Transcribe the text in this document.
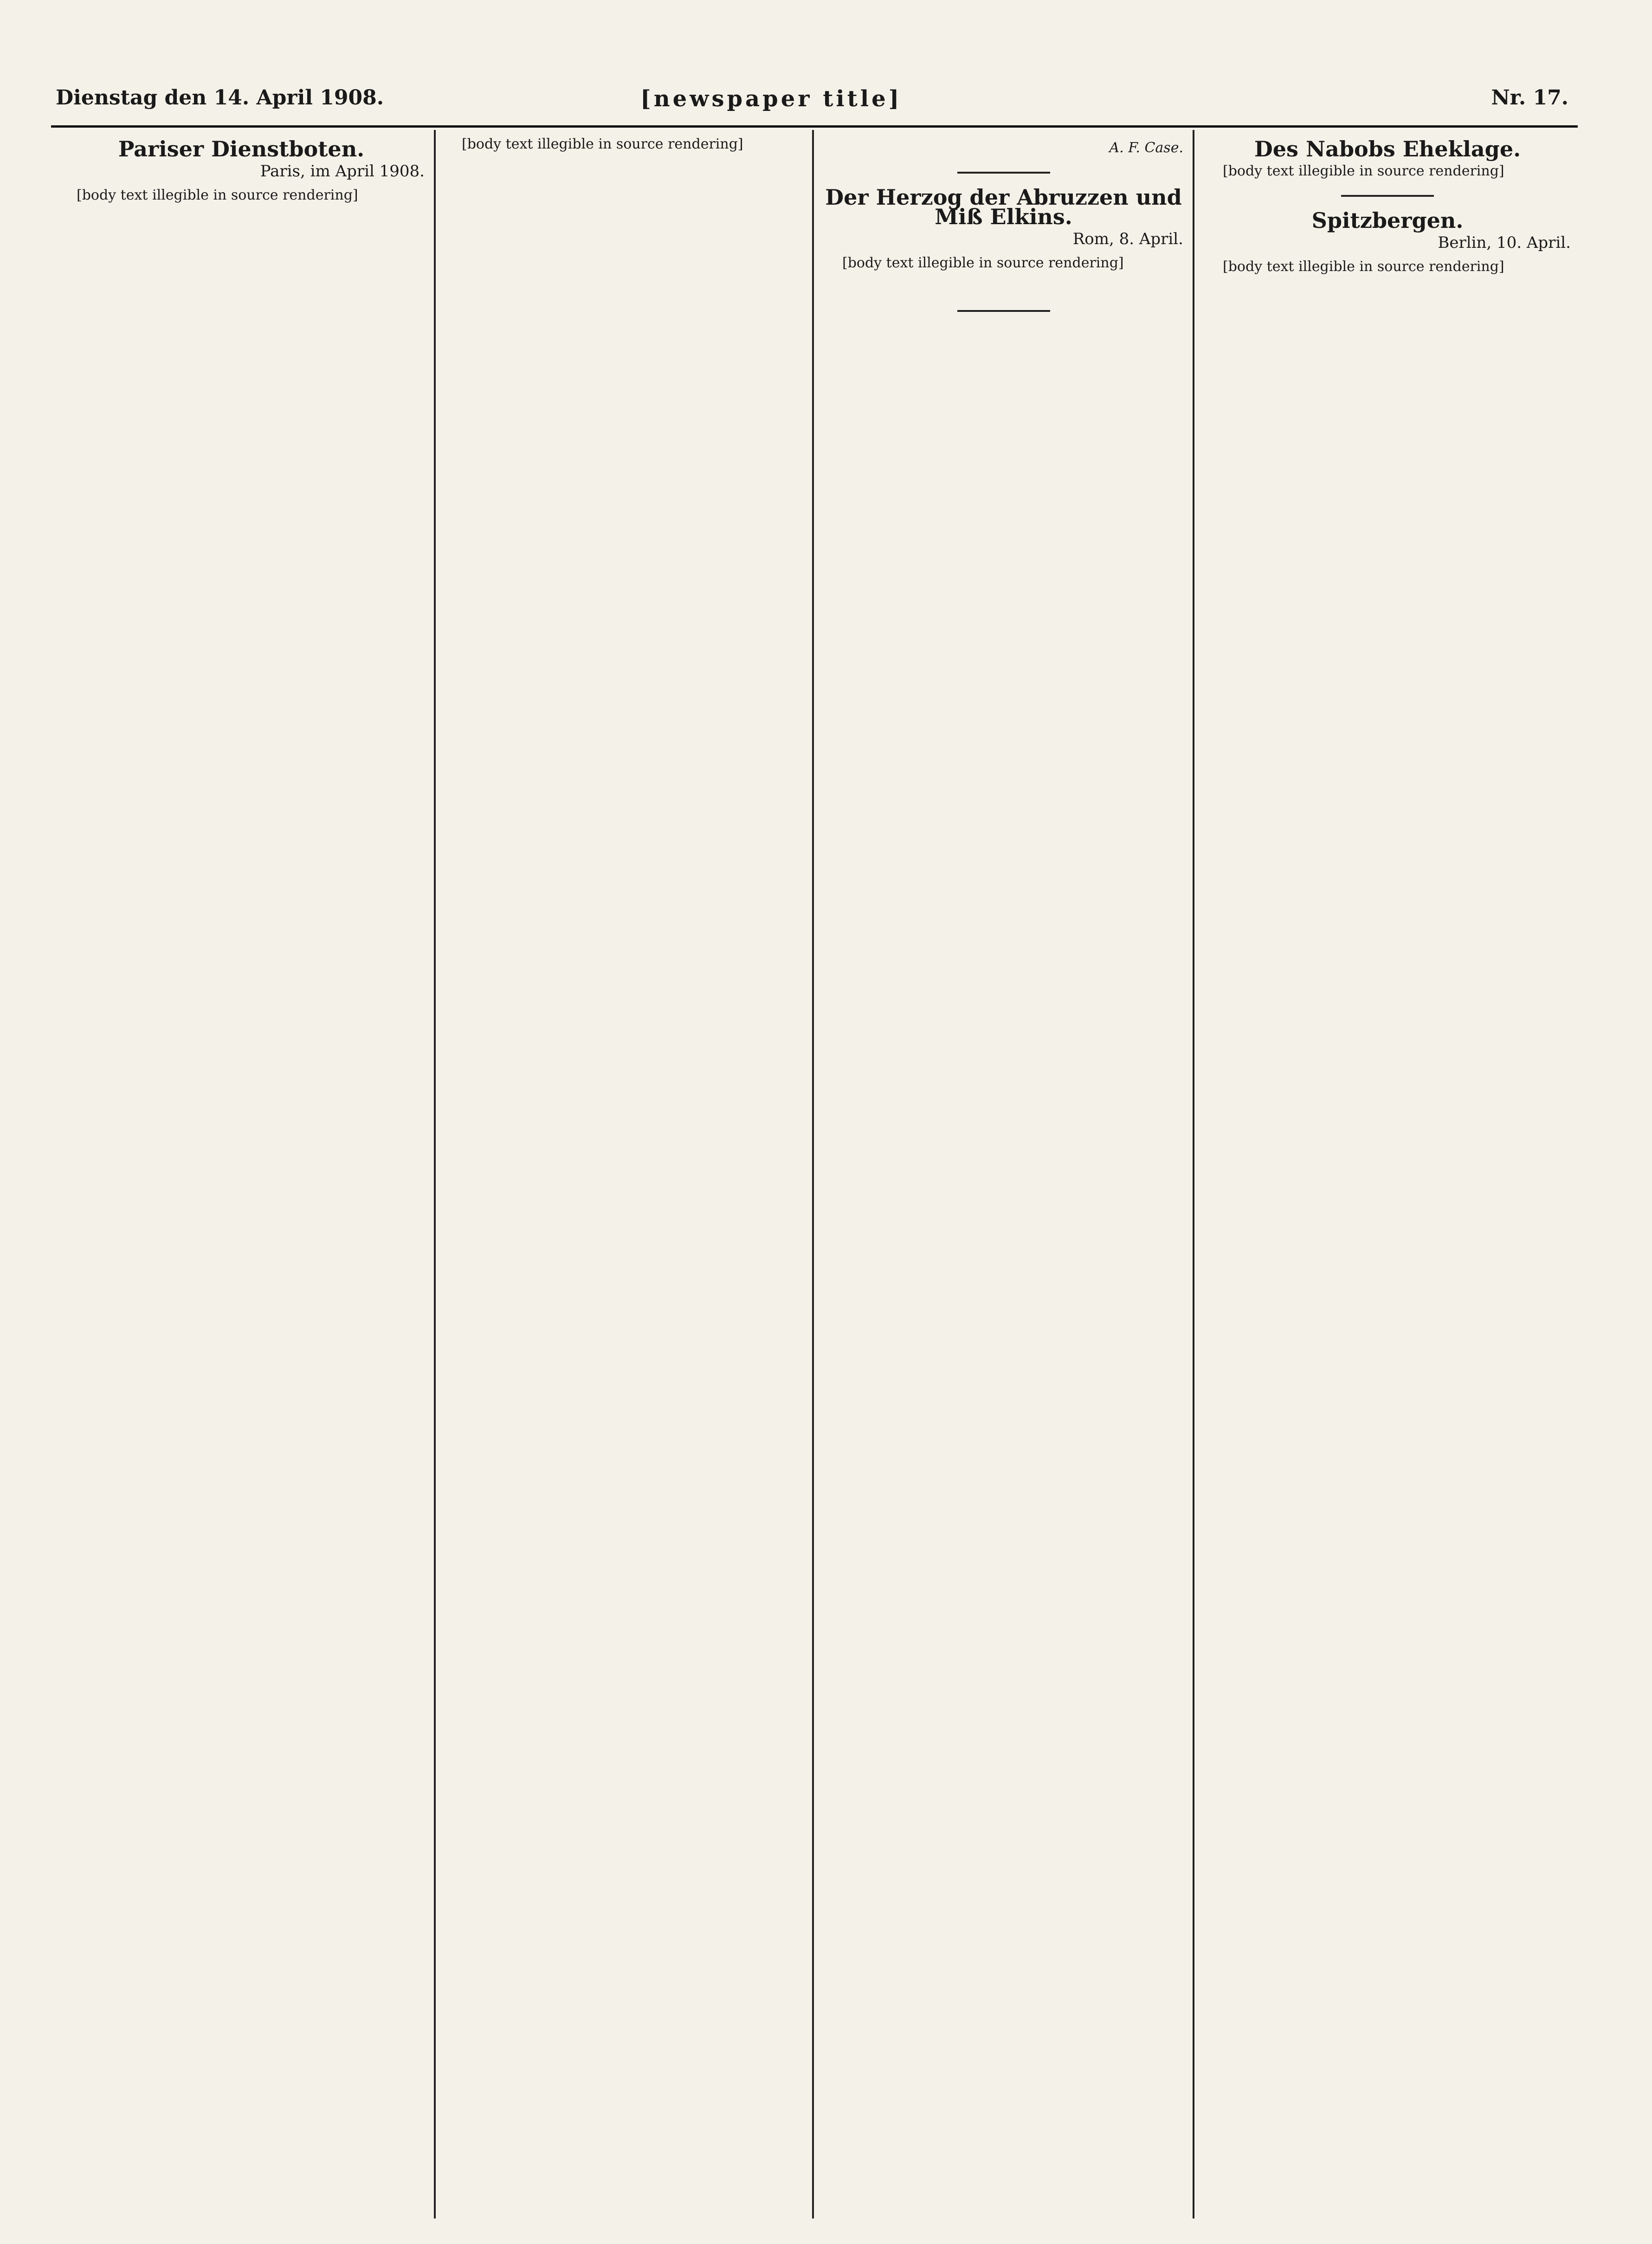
Dienstag den 14. April 1908.	[newspaper title]	Nr. 17.
Pariser Dienstboten.
Paris, im April 1908.

[body text illegible in source rendering]

[body text illegible in source rendering]	A. F. Case.
Der Herzog der Abruzzen und Miß Elkins.
Rom, 8. April.

[body text illegible in source rendering]

Des Nabobs Eheklage.

[body text illegible in source rendering]

Spitzbergen.
Berlin, 10. April.

[body text illegible in source rendering]
